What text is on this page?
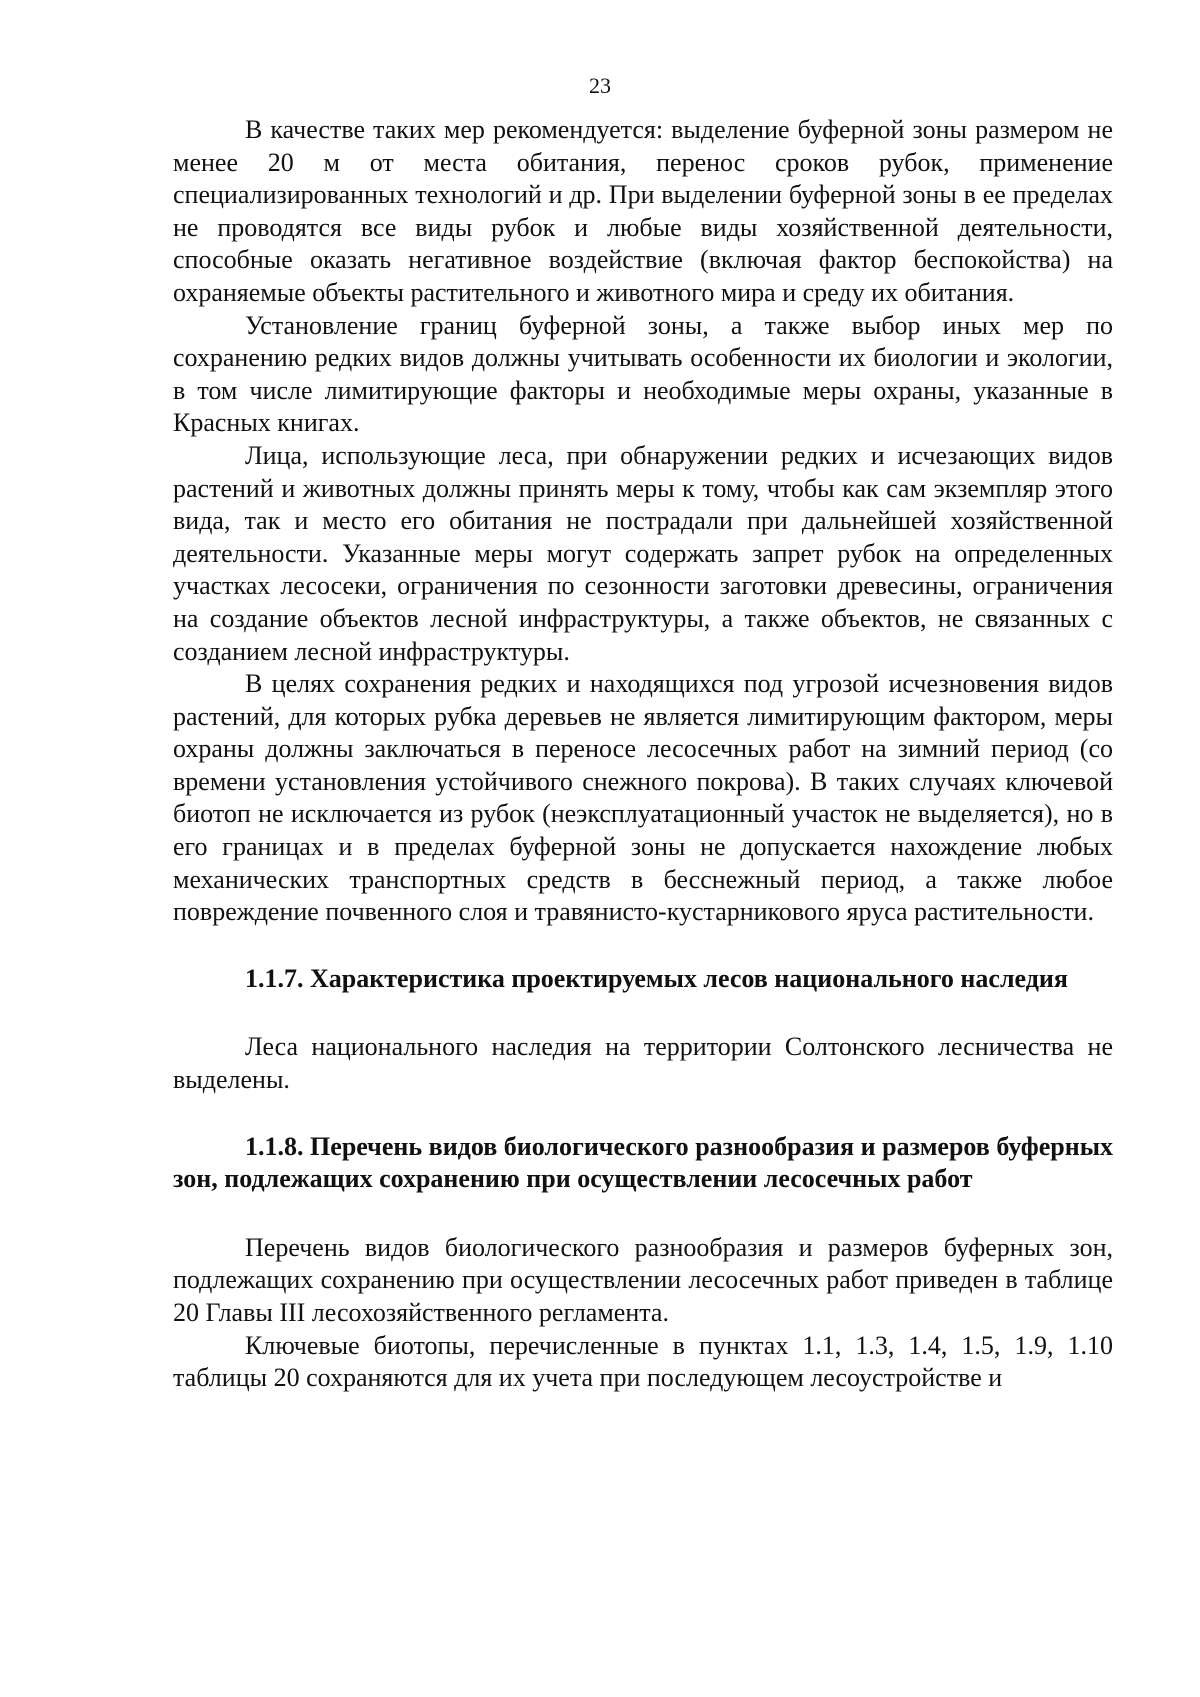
23

В качестве таких мер рекомендуется: выделение буферной зоны размером не менее 20 м от места обитания, перенос сроков рубок, применение специализированных технологий и др. При выделении буферной зоны в ее пределах не проводятся все виды рубок и любые виды хозяйственной деятельности, способные оказать негативное воздействие (включая фактор беспокойства) на охраняемые объекты растительного и животного мира и среду их обитания.

Установление границ буферной зоны, а также выбор иных мер по сохранению редких видов должны учитывать особенности их биологии и экологии, в том числе лимитирующие факторы и необходимые меры охраны, указанные в Красных книгах.

Лица, использующие леса, при обнаружении редких и исчезающих видов растений и животных должны принять меры к тому, чтобы как сам экземпляр этого вида, так и место его обитания не пострадали при дальнейшей хозяйственной деятельности. Указанные меры могут содержать запрет рубок на определенных участках лесосеки, ограничения по сезонности заготовки древесины, ограничения на создание объектов лесной инфраструктуры, а также объектов, не связанных с созданием лесной инфраструктуры.

В целях сохранения редких и находящихся под угрозой исчезновения видов растений, для которых рубка деревьев не является лимитирующим фактором, меры охраны должны заключаться в переносе лесосечных работ на зимний период (со времени установления устойчивого снежного покрова). В таких случаях ключевой биотоп не исключается из рубок (неэксплуатационный участок не выделяется), но в его границах и в пределах буферной зоны не допускается нахождение любых механических транспортных средств в бесснежный период, а также любое повреждение почвенного слоя и травянисто-кустарникового яруса растительности.

1.1.7. Характеристика проектируемых лесов национального наследия

Леса национального наследия на территории Солтонского лесничества не выделены.

1.1.8. Перечень видов биологического разнообразия и размеров буферных зон, подлежащих сохранению при осуществлении лесосечных работ

Перечень видов биологического разнообразия и размеров буферных зон, подлежащих сохранению при осуществлении лесосечных работ приведен в таблице 20 Главы III лесохозяйственного регламента.

Ключевые биотопы, перечисленные в пунктах 1.1, 1.3, 1.4, 1.5, 1.9, 1.10 таблицы 20 сохраняются для их учета при последующем лесоустройстве и
